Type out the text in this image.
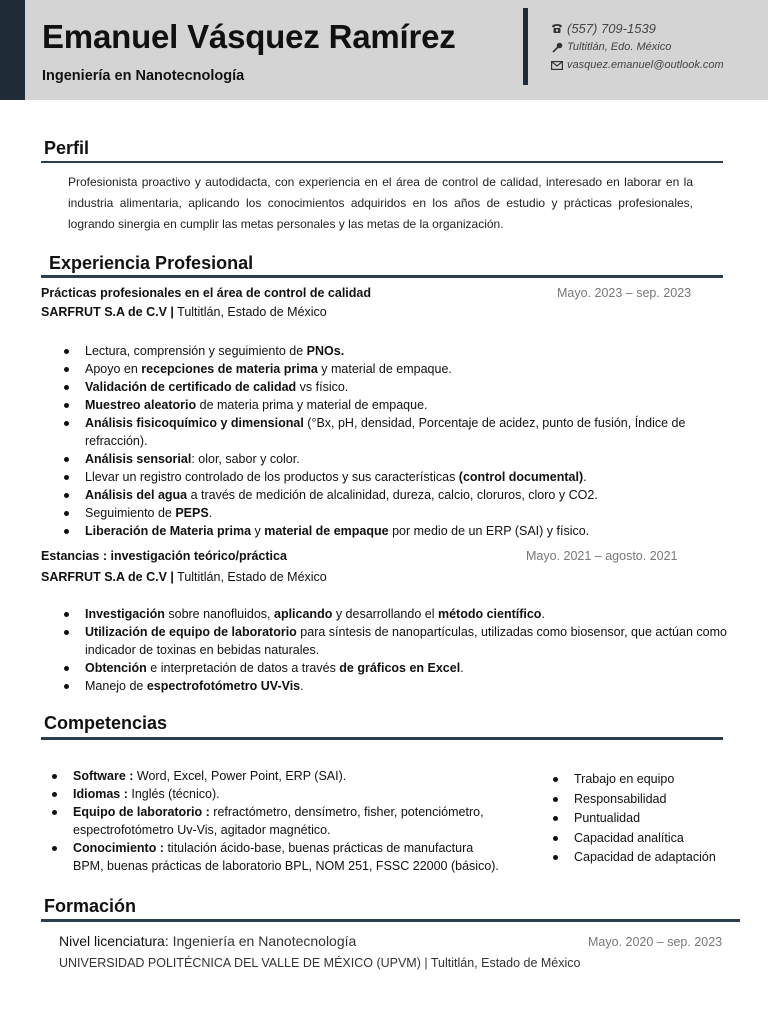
Emanuel Vásquez Ramírez
Ingeniería en Nanotecnología
(557) 709-1539
Tultitlán, Edo. México
vasquez.emanuel@outlook.com
Perfil
Profesionista proactivo y autodidacta, con experiencia en el área de control de calidad, interesado en laborar en la industria alimentaria, aplicando los conocimientos adquiridos en los años de estudio y prácticas profesionales, logrando sinergia en cumplir las metas personales y las metas de la organización.
Experiencia Profesional
Prácticas profesionales en el área de control de calidad	Mayo. 2023 – sep. 2023
SARFRUT S.A de C.V | Tultitlán, Estado de México
Lectura, comprensión y seguimiento de PNOs.
Apoyo en recepciones de materia prima y material de empaque.
Validación de certificado de calidad vs físico.
Muestreo aleatorio de materia prima y material de empaque.
Análisis fisicoquímico y dimensional (°Bx, pH, densidad, Porcentaje de acidez, punto de fusión, Índice de refracción).
Análisis sensorial: olor, sabor y color.
Llevar un registro controlado de los productos y sus características (control documental).
Análisis del agua a través de medición de alcalinidad, dureza, calcio, cloruros, cloro y CO2.
Seguimiento de PEPS.
Liberación de Materia prima y material de empaque por medio de un ERP (SAI) y físico.
Estancias : investigación teórico/práctica	Mayo. 2021 – agosto. 2021
SARFRUT S.A de C.V | Tultitlán, Estado de México
Investigación sobre nanofluidos, aplicando y desarrollando el método científico.
Utilización de equipo de laboratorio para síntesis de nanopartículas, utilizadas como biosensor, que actúan como indicador de toxinas en bebidas naturales.
Obtención e interpretación de datos a través de gráficos en Excel.
Manejo de espectrofotómetro UV-Vis.
Competencias
Software : Word, Excel, Power Point, ERP (SAI).
Idiomas : Inglés (técnico).
Equipo de laboratorio : refractómetro, densímetro, fisher, potenciómetro, espectrofotómetro Uv-Vis, agitador magnético.
Conocimiento : titulación ácido-base, buenas prácticas de manufactura BPM, buenas prácticas de laboratorio BPL, NOM 251, FSSC 22000 (básico).
Trabajo en equipo
Responsabilidad
Puntualidad
Capacidad analítica
Capacidad de adaptación
Formación
Nivel licenciatura: Ingeniería en Nanotecnología	Mayo. 2020 – sep. 2023
UNIVERSIDAD POLITÉCNICA DEL VALLE DE MÉXICO (UPVM) | Tultitlán, Estado de México
